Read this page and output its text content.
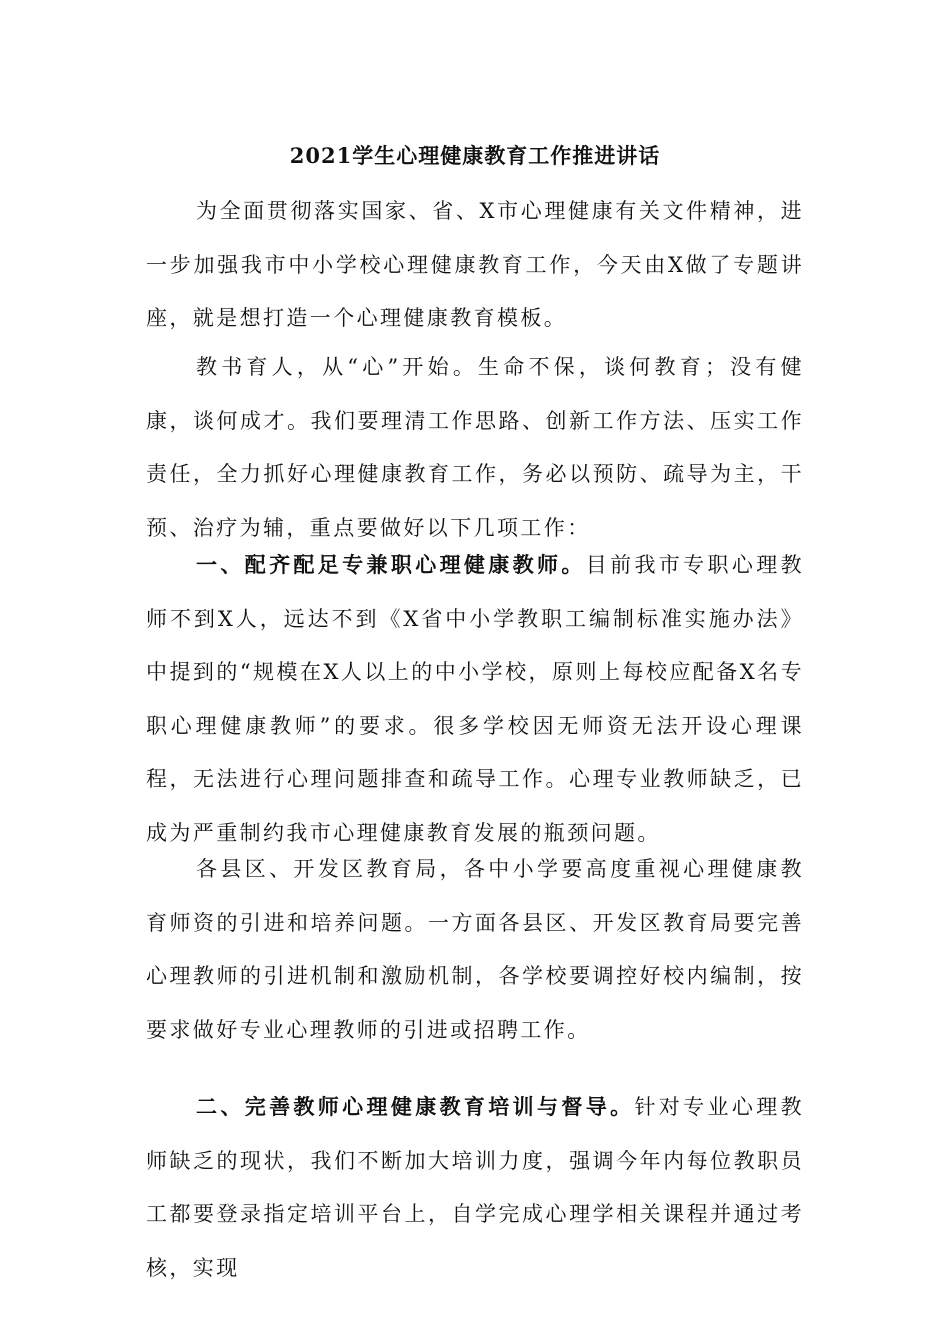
2021学生心理健康教育工作推进讲话
为全面贯彻落实国家、省、X市心理健康有关文件精神，进一步加强我市中小学校心理健康教育工作，今天由X做了专题讲座，就是想打造一个心理健康教育模板。
教书育人，从“心”开始。生命不保，谈何教育；没有健康，谈何成才。我们要理清工作思路、创新工作方法、压实工作责任，全力抓好心理健康教育工作，务必以预防、疏导为主，干预、治疗为辅，重点要做好以下几项工作：
一、配齐配足专兼职心理健康教师。目前我市专职心理教师不到X人，远达不到《X省中小学教职工编制标准实施办法》中提到的“规模在X人以上的中小学校，原则上每校应配备X名专职心理健康教师”的要求。很多学校因无师资无法开设心理课程，无法进行心理问题排查和疏导工作。心理专业教师缺乏，已成为严重制约我市心理健康教育发展的瓶颈问题。
各县区、开发区教育局，各中小学要高度重视心理健康教育师资的引进和培养问题。一方面各县区、开发区教育局要完善心理教师的引进机制和激励机制，各学校要调控好校内编制，按要求做好专业心理教师的引进或招聘工作。
二、完善教师心理健康教育培训与督导。针对专业心理教师缺乏的现状，我们不断加大培训力度，强调今年内每位教职员工都要登录指定培训平台上，自学完成心理学相关课程并通过考核，实现
